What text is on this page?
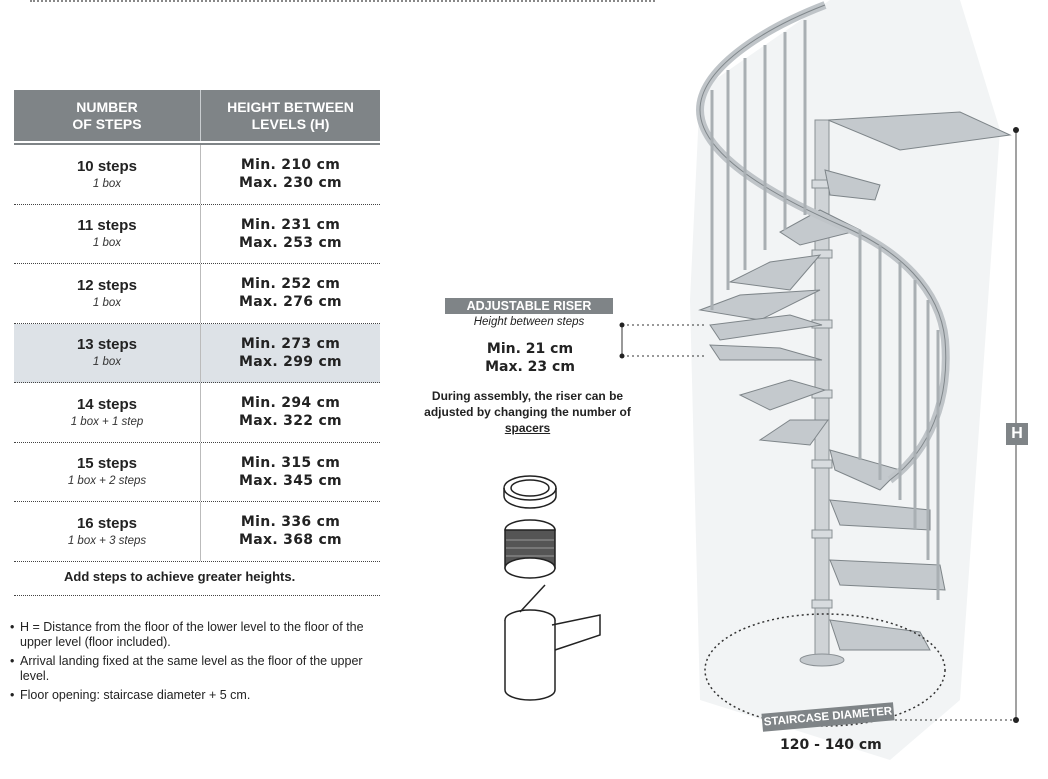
NUMBER
OF STEPS
HEIGHT BETWEEN
LEVELS (H)
10 steps
1 box
Min. 210 cm
Max. 230 cm
11 steps
1 box
Min. 231 cm
Max. 253 cm
12 steps
1 box
Min. 252 cm
Max. 276 cm
13 steps
1 box
Min. 273 cm
Max. 299 cm
14 steps
1 box + 1 step
Min. 294 cm
Max. 322 cm
15 steps
1 box + 2 steps
Min. 315 cm
Max. 345 cm
16 steps
1 box + 3 steps
Min. 336 cm
Max. 368 cm
Add steps to achieve greater heights.
• H = Distance from the floor of the lower level to the floor of the upper level (floor included).
• Arrival landing fixed at the same level as the floor of the upper level.
• Floor opening: staircase diameter + 5 cm.
ADJUSTABLE RISER
Height between steps
Min. 21 cm
Max. 23 cm
During assembly, the riser can be adjusted by changing the number of spacers	H
STAIRCASE DIAMETER
120 - 140 cm
